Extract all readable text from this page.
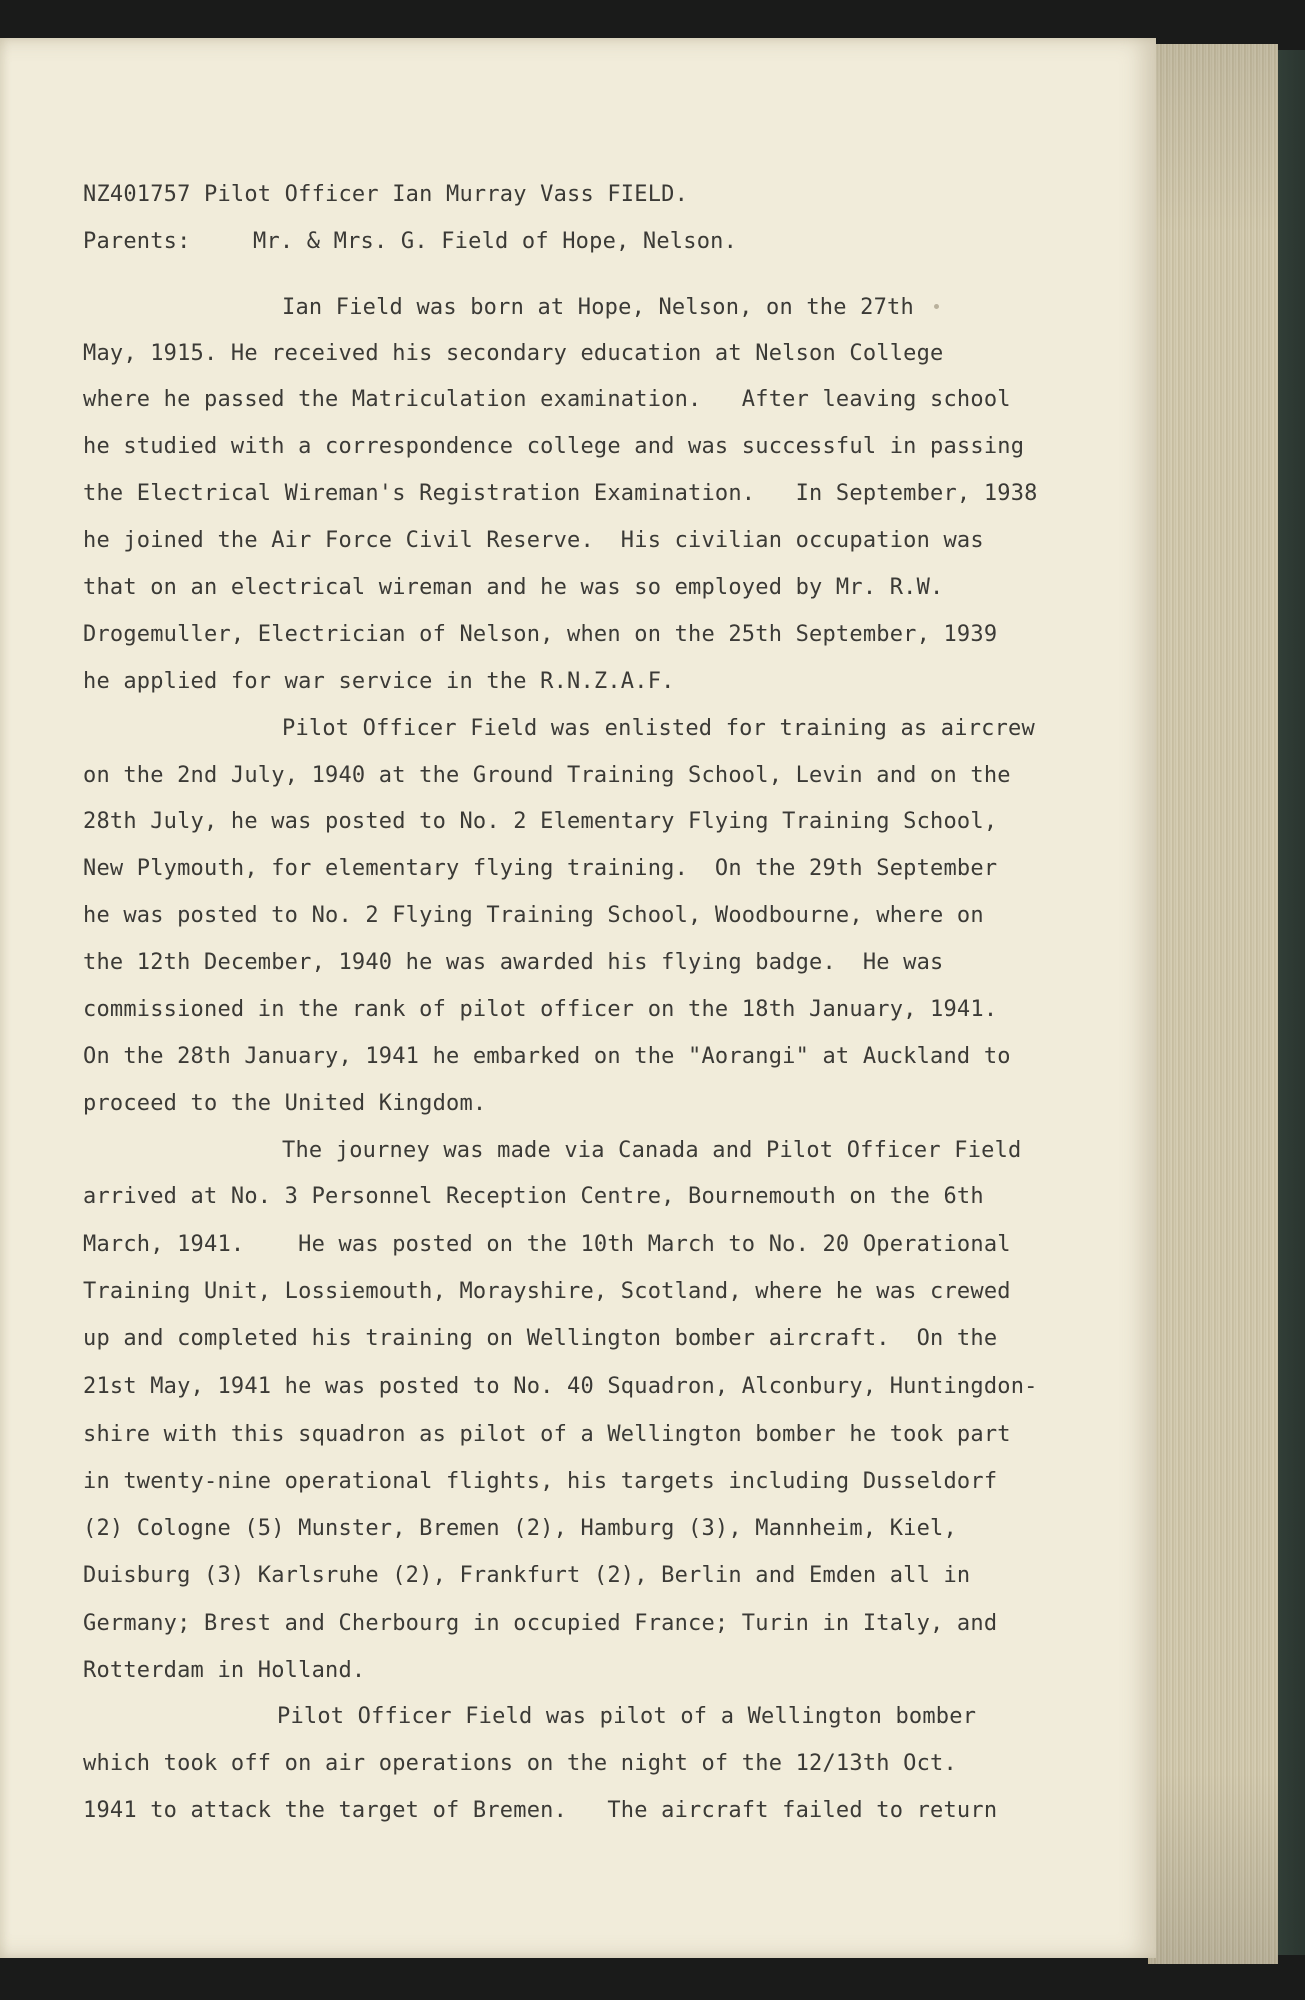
NZ401757 Pilot Officer Ian Murray Vass FIELD.
Parents:	Mr. & Mrs. G. Field of Hope, Nelson.
Ian Field was born at Hope, Nelson, on the 27th
May, 1915. He received his secondary education at Nelson College
where he passed the Matriculation examination.   After leaving school
he studied with a correspondence college and was successful in passing
the Electrical Wireman's Registration Examination.   In September, 1938
he joined the Air Force Civil Reserve.  His civilian occupation was
that on an electrical wireman and he was so employed by Mr. R.W.
Drogemuller, Electrician of Nelson, when on the 25th September, 1939
he applied for war service in the R.N.Z.A.F.
Pilot Officer Field was enlisted for training as aircrew
on the 2nd July, 1940 at the Ground Training School, Levin and on the
28th July, he was posted to No. 2 Elementary Flying Training School,
New Plymouth, for elementary flying training.  On the 29th September
he was posted to No. 2 Flying Training School, Woodbourne, where on
the 12th December, 1940 he was awarded his flying badge.  He was
commissioned in the rank of pilot officer on the 18th January, 1941.
On the 28th January, 1941 he embarked on the "Aorangi" at Auckland to
proceed to the United Kingdom.
The journey was made via Canada and Pilot Officer Field
arrived at No. 3 Personnel Reception Centre, Bournemouth on the 6th
March, 1941.    He was posted on the 10th March to No. 20 Operational
Training Unit, Lossiemouth, Morayshire, Scotland, where he was crewed
up and completed his training on Wellington bomber aircraft.  On the
21st May, 1941 he was posted to No. 40 Squadron, Alconbury, Huntingdon-
shire with this squadron as pilot of a Wellington bomber he took part
in twenty-nine operational flights, his targets including Dusseldorf
(2) Cologne (5) Munster, Bremen (2), Hamburg (3), Mannheim, Kiel,
Duisburg (3) Karlsruhe (2), Frankfurt (2), Berlin and Emden all in
Germany; Brest and Cherbourg in occupied France; Turin in Italy, and
Rotterdam in Holland.
Pilot Officer Field was pilot of a Wellington bomber
which took off on air operations on the night of the 12/13th Oct.
1941 to attack the target of Bremen.   The aircraft failed to return
